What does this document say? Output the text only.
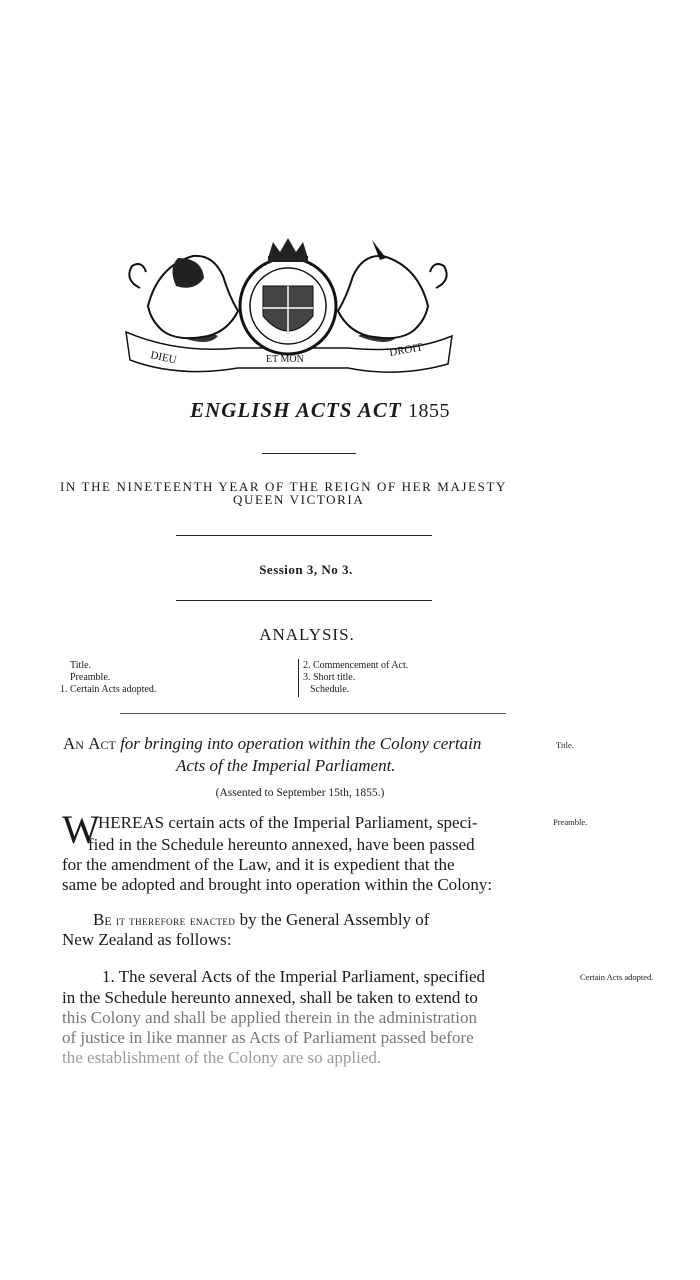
DIEU	ET MON
DROIT
ENGLISH ACTS ACT 1855
IN THE NINETEENTH YEAR OF THE REIGN OF HER MAJESTY
QUEEN VICTORIA
Session 3, No 3.
ANALYSIS.
Title.
Preamble.
1. Certain Acts adopted.
2. Commencement of Act.
3. Short title.
Schedule.
An Act for bringing into operation within the Colony certain	Title.
Acts of the Imperial Parliament.
(Assented to September 15th, 1855.)
W
HEREAS certain acts of the Imperial Parliament, speci-	Preamble.
fied in the Schedule hereunto annexed, have been passed
for the amendment of the Law, and it is expedient that the
same be adopted and brought into operation within the Colony:
Be it therefore enacted by the General Assembly of
New Zealand as follows:
1. The several Acts of the Imperial Parliament, specified	Certain Acts adopted.
in the Schedule hereunto annexed, shall be taken to extend to
this Colony and shall be applied therein in the administration
of justice in like manner as Acts of Parliament passed before
the establishment of the Colony are so applied.
